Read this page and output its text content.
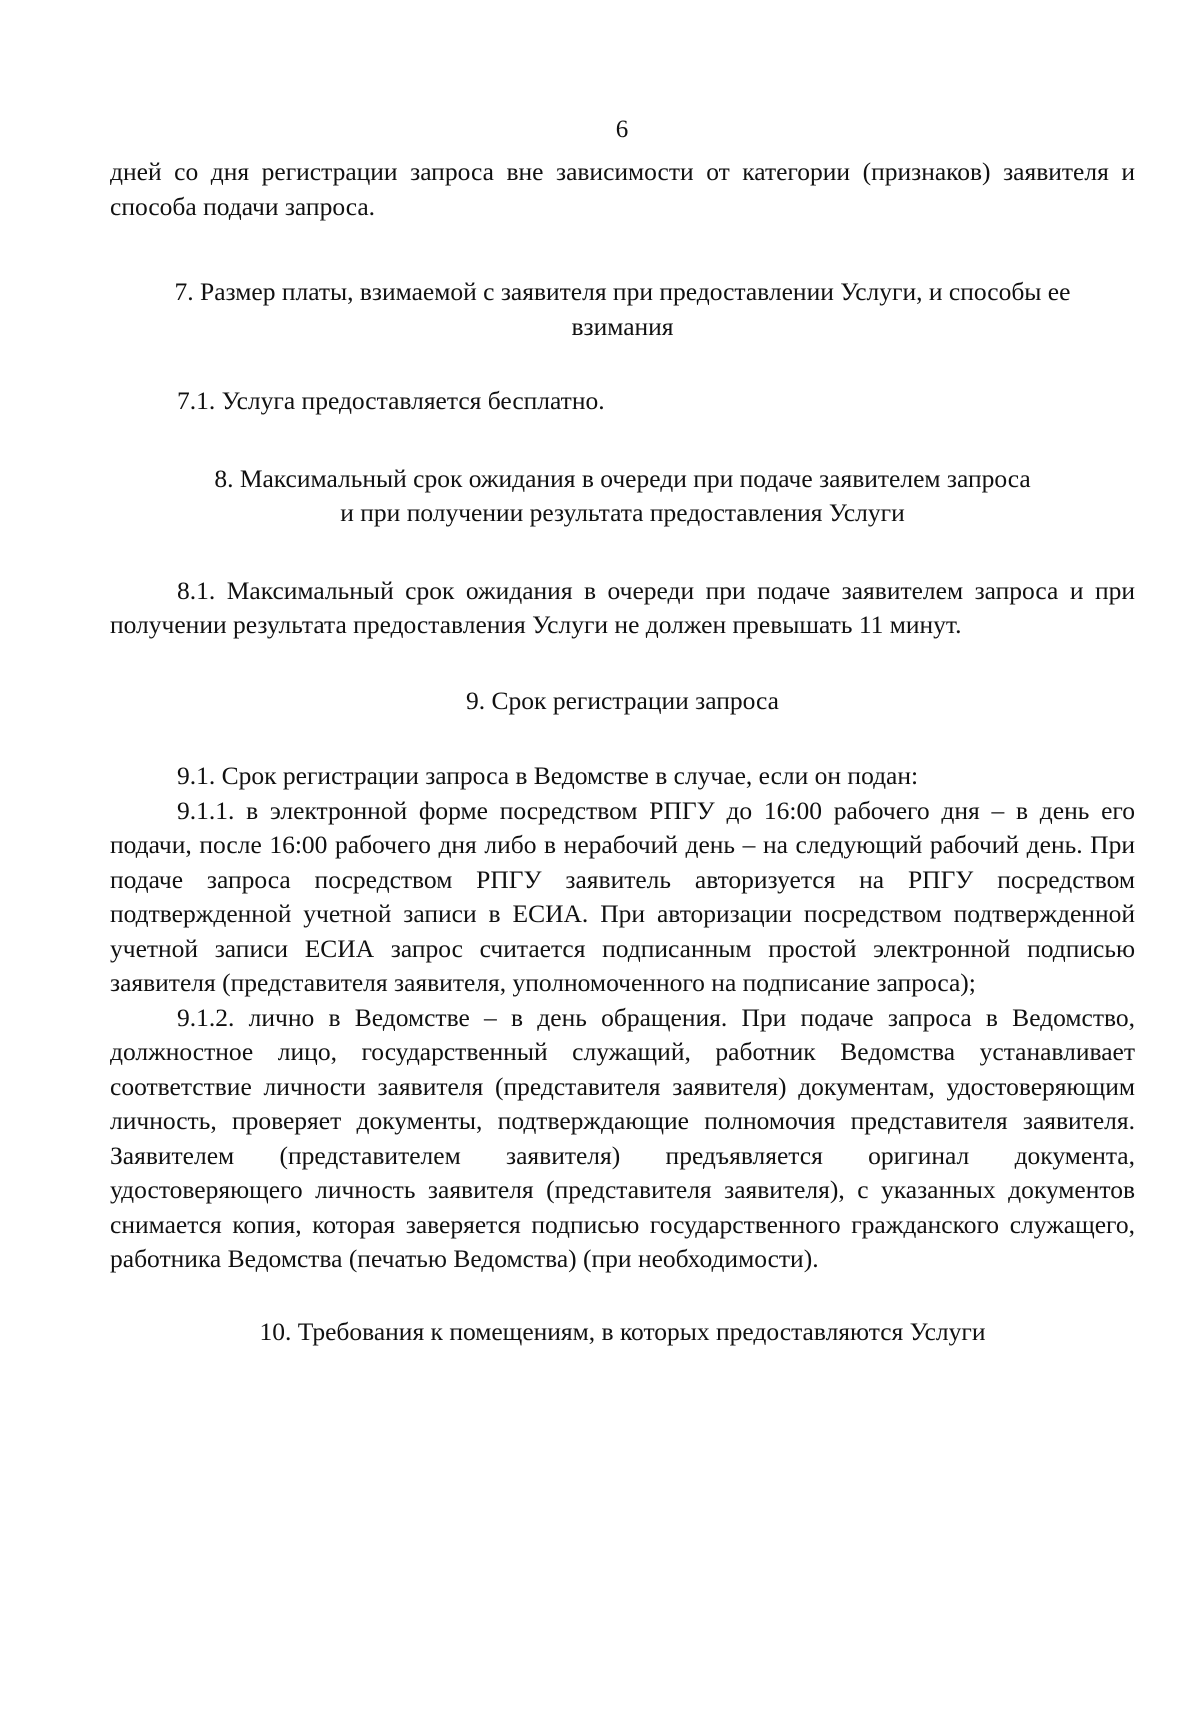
6

дней со дня регистрации запроса вне зависимости от категории (признаков) заявителя и способа подачи запроса.

7. Размер платы, взимаемой с заявителя при предоставлении Услуги, и способы ее взимания

7.1. Услуга предоставляется бесплатно.

8. Максимальный срок ожидания в очереди при подаче заявителем запроса
и при получении результата предоставления Услуги

8.1. Максимальный срок ожидания в очереди при подаче заявителем запроса и при получении результата предоставления Услуги не должен превышать 11 минут.

9. Срок регистрации запроса

9.1. Срок регистрации запроса в Ведомстве в случае, если он подан:

9.1.1. в электронной форме посредством РПГУ до 16:00 рабочего дня – в день его подачи, после 16:00 рабочего дня либо в нерабочий день – на следующий рабочий день. При подаче запроса посредством РПГУ заявитель авторизуется на РПГУ посредством подтвержденной учетной записи в ЕСИА. При авторизации посредством подтвержденной учетной записи ЕСИА запрос считается подписанным простой электронной подписью заявителя (представителя заявителя, уполномоченного на подписание запроса);

9.1.2. лично в Ведомстве – в день обращения. При подаче запроса в Ведомство, должностное лицо, государственный служащий, работник Ведомства устанавливает соответствие личности заявителя (представителя заявителя) документам, удостоверяющим личность, проверяет документы, подтверждающие полномочия представителя заявителя. Заявителем (представителем заявителя) предъявляется оригинал документа, удостоверяющего личность заявителя (представителя заявителя), с указанных документов снимается копия, которая заверяется подписью государственного гражданского служащего, работника Ведомства (печатью Ведомства) (при необходимости).

10. Требования к помещениям, в которых предоставляются Услуги
